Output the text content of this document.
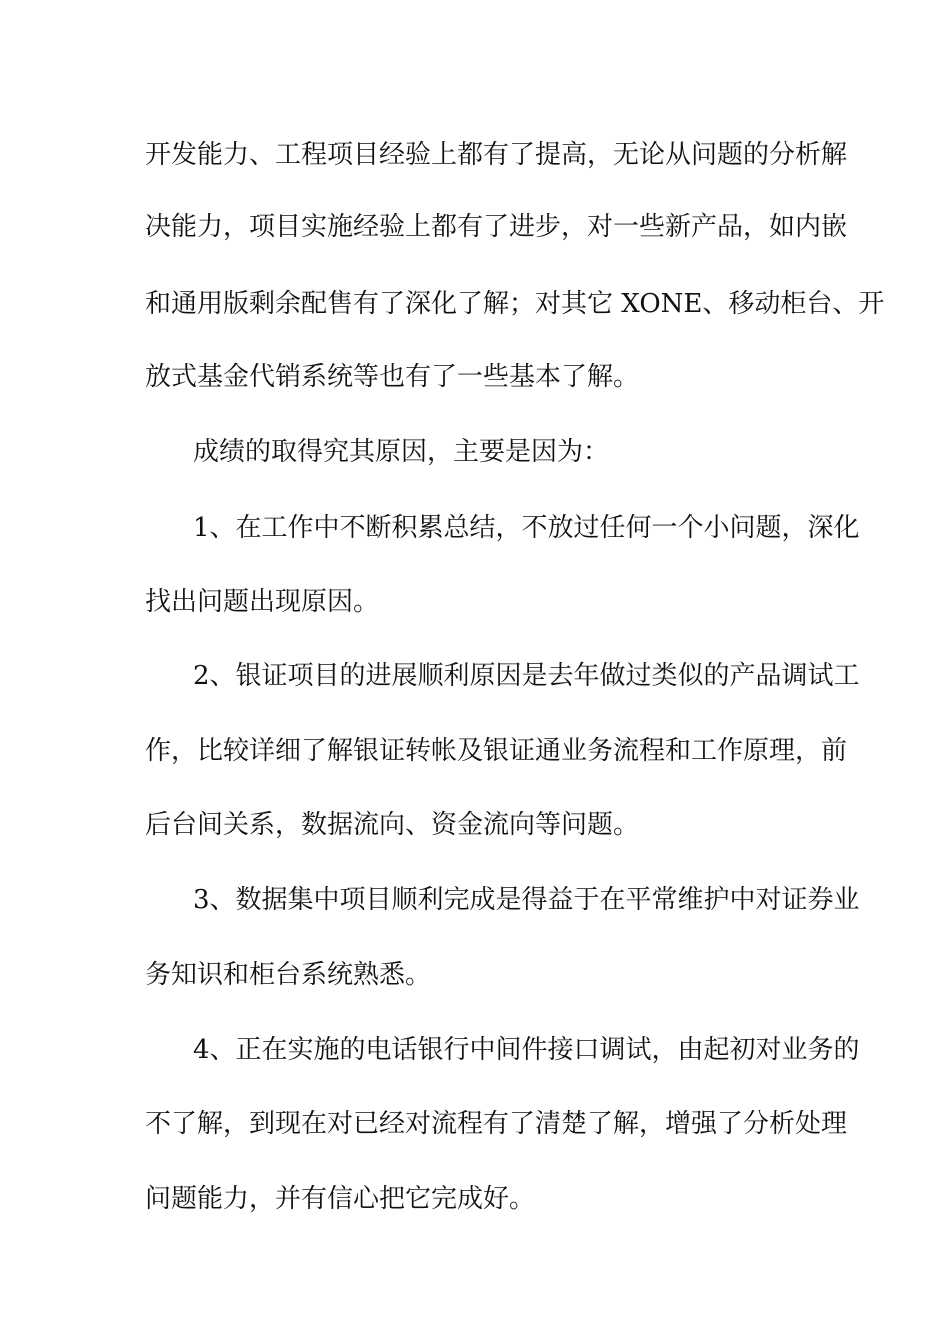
开发能力、工程项目经验上都有了提高，无论从问题的分析解
决能力，项目实施经验上都有了进步，对一些新产品，如内嵌
和通用版剩余配售有了深化了解；对其它 XONE、移动柜台、开
放式基金代销系统等也有了一些基本了解。
成绩的取得究其原因，主要是因为：
1、在工作中不断积累总结，不放过任何一个小问题，深化
找出问题出现原因。
2、银证项目的进展顺利原因是去年做过类似的产品调试工
作，比较详细了解银证转帐及银证通业务流程和工作原理，前
后台间关系，数据流向、资金流向等问题。
3、数据集中项目顺利完成是得益于在平常维护中对证券业
务知识和柜台系统熟悉。
4、正在实施的电话银行中间件接口调试，由起初对业务的
不了解，到现在对已经对流程有了清楚了解，增强了分析处理
问题能力，并有信心把它完成好。
